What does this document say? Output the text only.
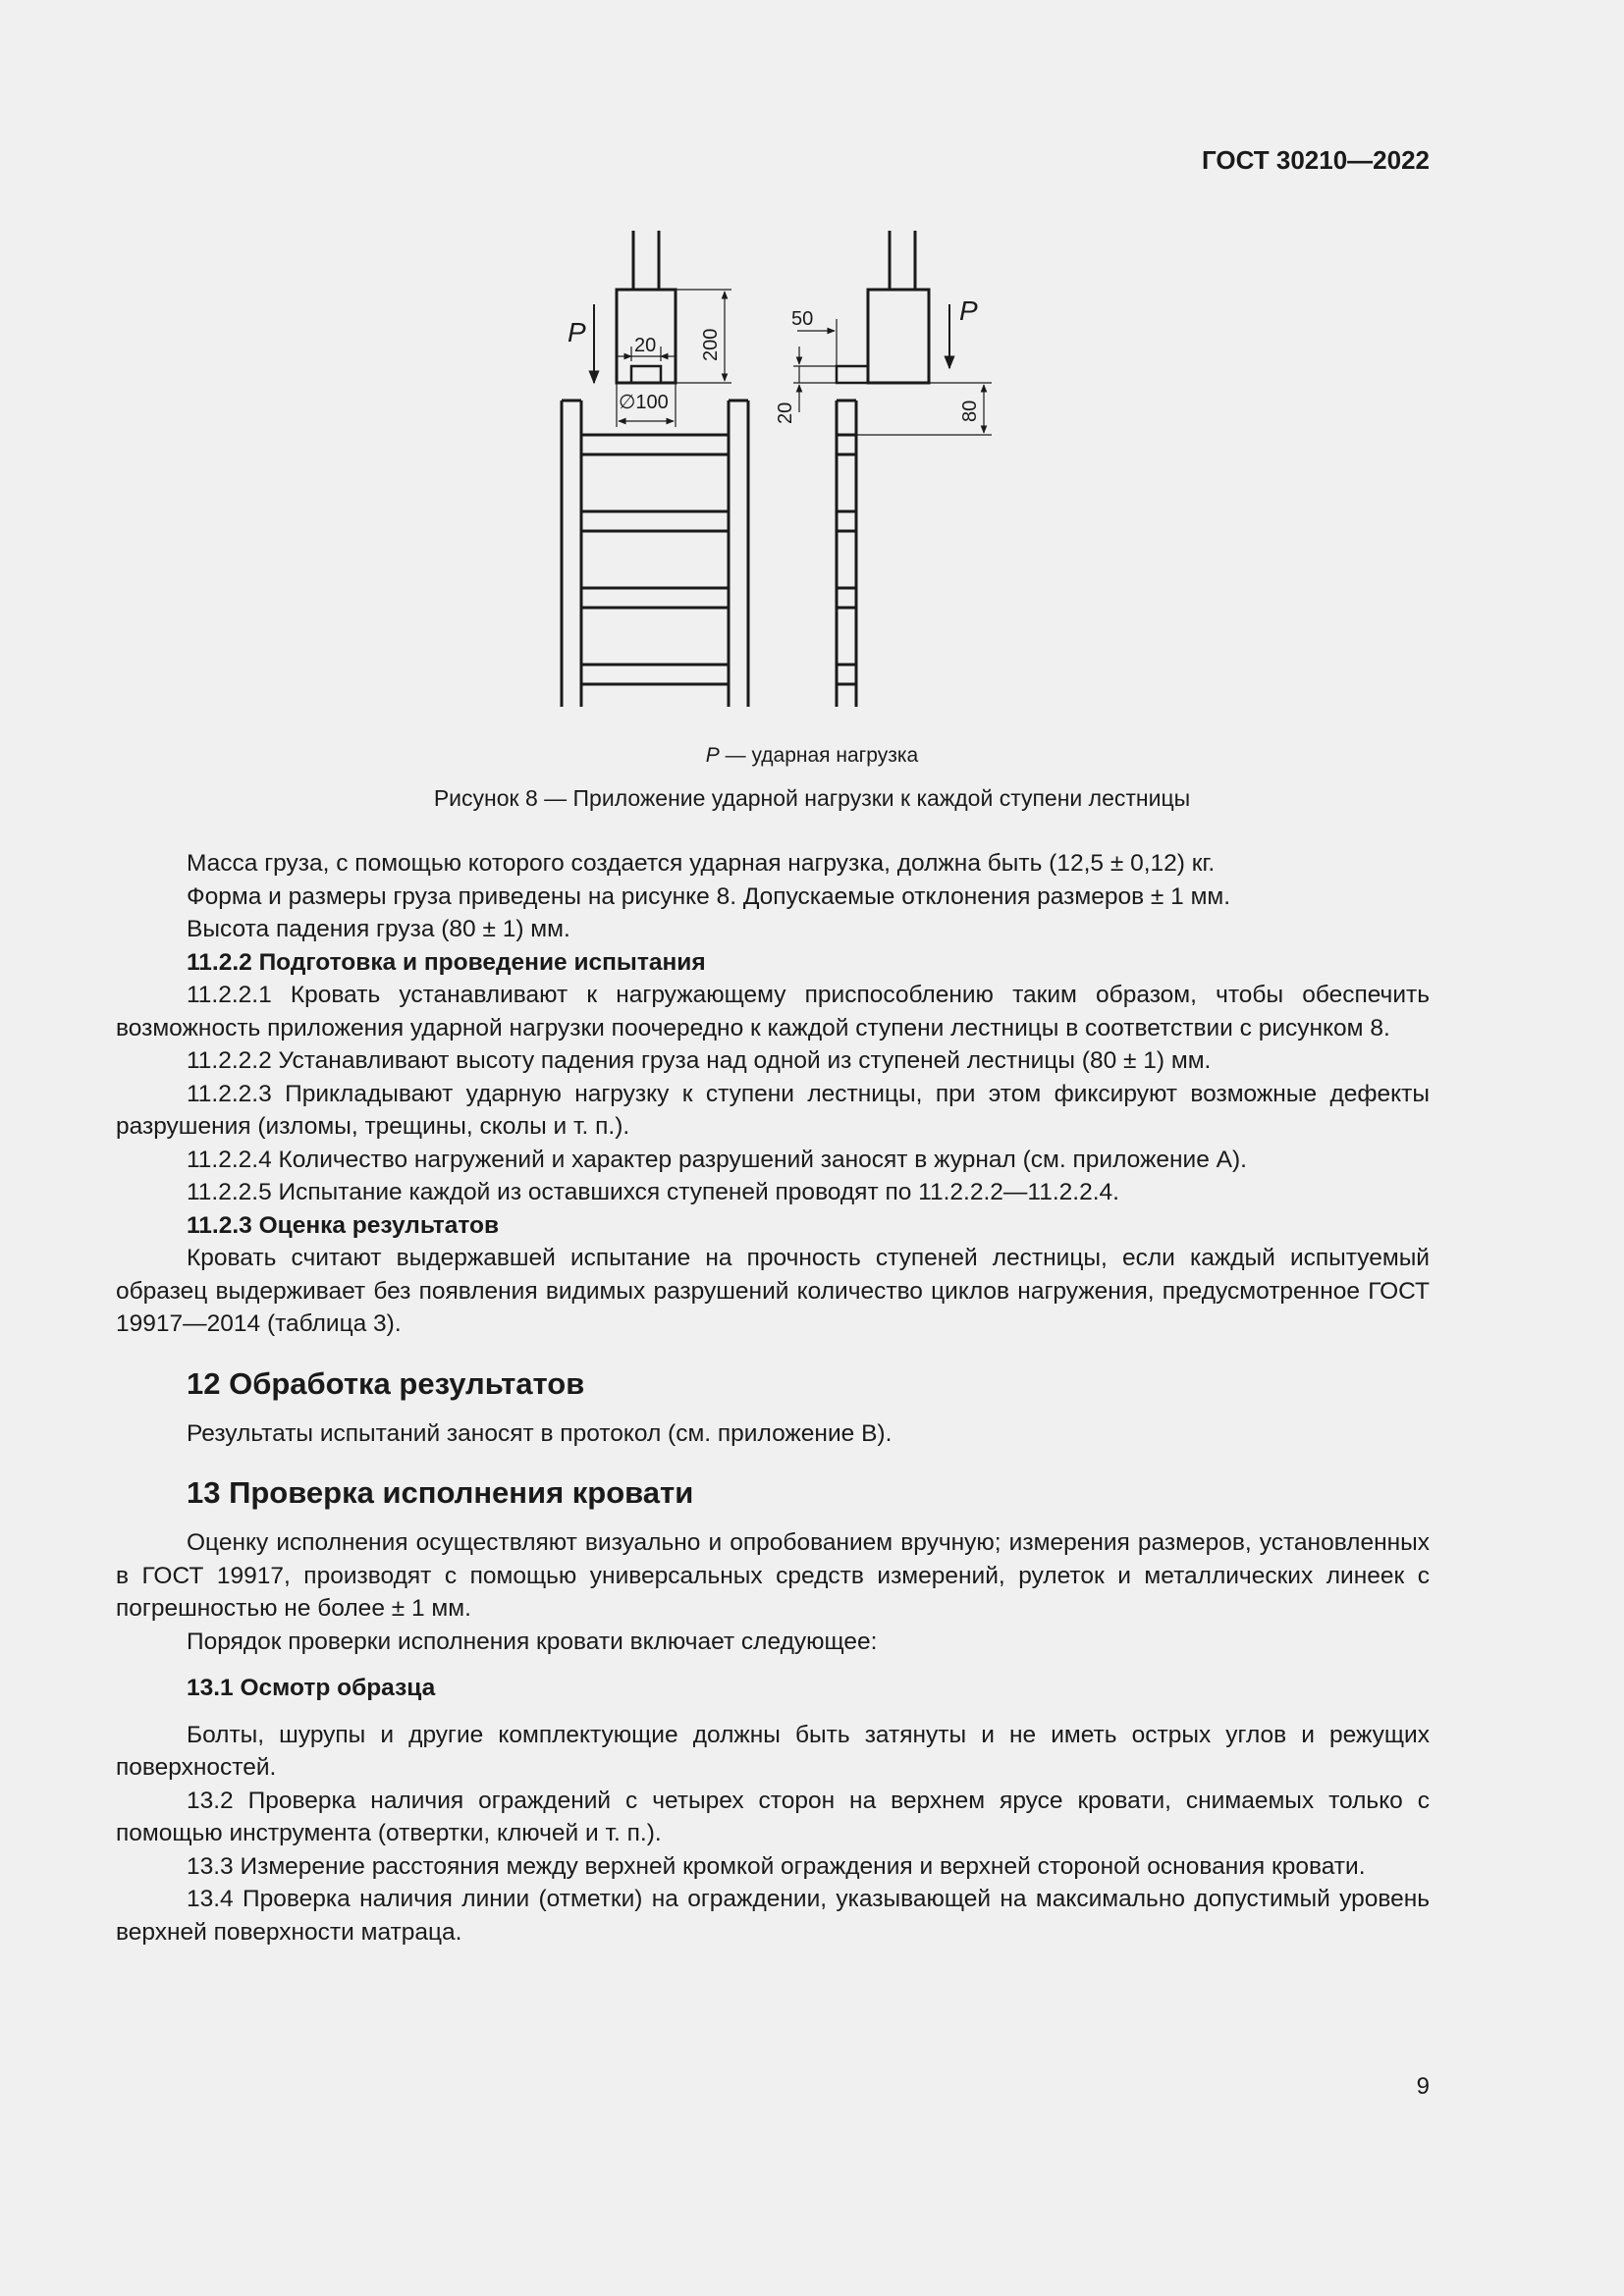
ГОСТ 30210—2022
P 20 200
∅100
P
50
20	80
P — ударная нагрузка
Рисунок 8 — Приложение ударной нагрузки к каждой ступени лестницы

Масса груза, с помощью которого создается ударная нагрузка, должна быть (12,5 ± 0,12) кг.

Форма и размеры груза приведены на рисунке 8. Допускаемые отклонения размеров ± 1 мм.

Высота падения груза (80 ± 1) мм.

11.2.2 Подготовка и проведение испытания

11.2.2.1 Кровать устанавливают к нагружающему приспособлению таким образом, чтобы обеспечить возможность приложения ударной нагрузки поочередно к каждой ступени лестницы в соответствии с рисунком 8.

11.2.2.2 Устанавливают высоту падения груза над одной из ступеней лестницы (80 ± 1) мм.

11.2.2.3 Прикладывают ударную нагрузку к ступени лестницы, при этом фиксируют возможные дефекты разрушения (изломы, трещины, сколы и т. п.).

11.2.2.4 Количество нагружений и характер разрушений заносят в журнал (см. приложение А).

11.2.2.5 Испытание каждой из оставшихся ступеней проводят по 11.2.2.2—11.2.2.4.

11.2.3 Оценка результатов

Кровать считают выдержавшей испытание на прочность ступеней лестницы, если каждый испытуемый образец выдерживает без появления видимых разрушений количество циклов нагружения, предусмотренное ГОСТ 19917—2014 (таблица 3).

12 Обработка результатов

Результаты испытаний заносят в протокол (см. приложение В).

13 Проверка исполнения кровати

Оценку исполнения осуществляют визуально и опробованием вручную; измерения размеров, установленных в ГОСТ 19917, производят с помощью универсальных средств измерений, рулеток и металлических линеек с погрешностью не более ± 1 мм.

Порядок проверки исполнения кровати включает следующее:

13.1 Осмотр образца

Болты, шурупы и другие комплектующие должны быть затянуты и не иметь острых углов и режущих поверхностей.

13.2 Проверка наличия ограждений с четырех сторон на верхнем ярусе кровати, снимаемых только с помощью инструмента (отвертки, ключей и т. п.).

13.3 Измерение расстояния между верхней кромкой ограждения и верхней стороной основания кровати.

13.4 Проверка наличия линии (отметки) на ограждении, указывающей на максимально допустимый уровень верхней поверхности матраца.

9
